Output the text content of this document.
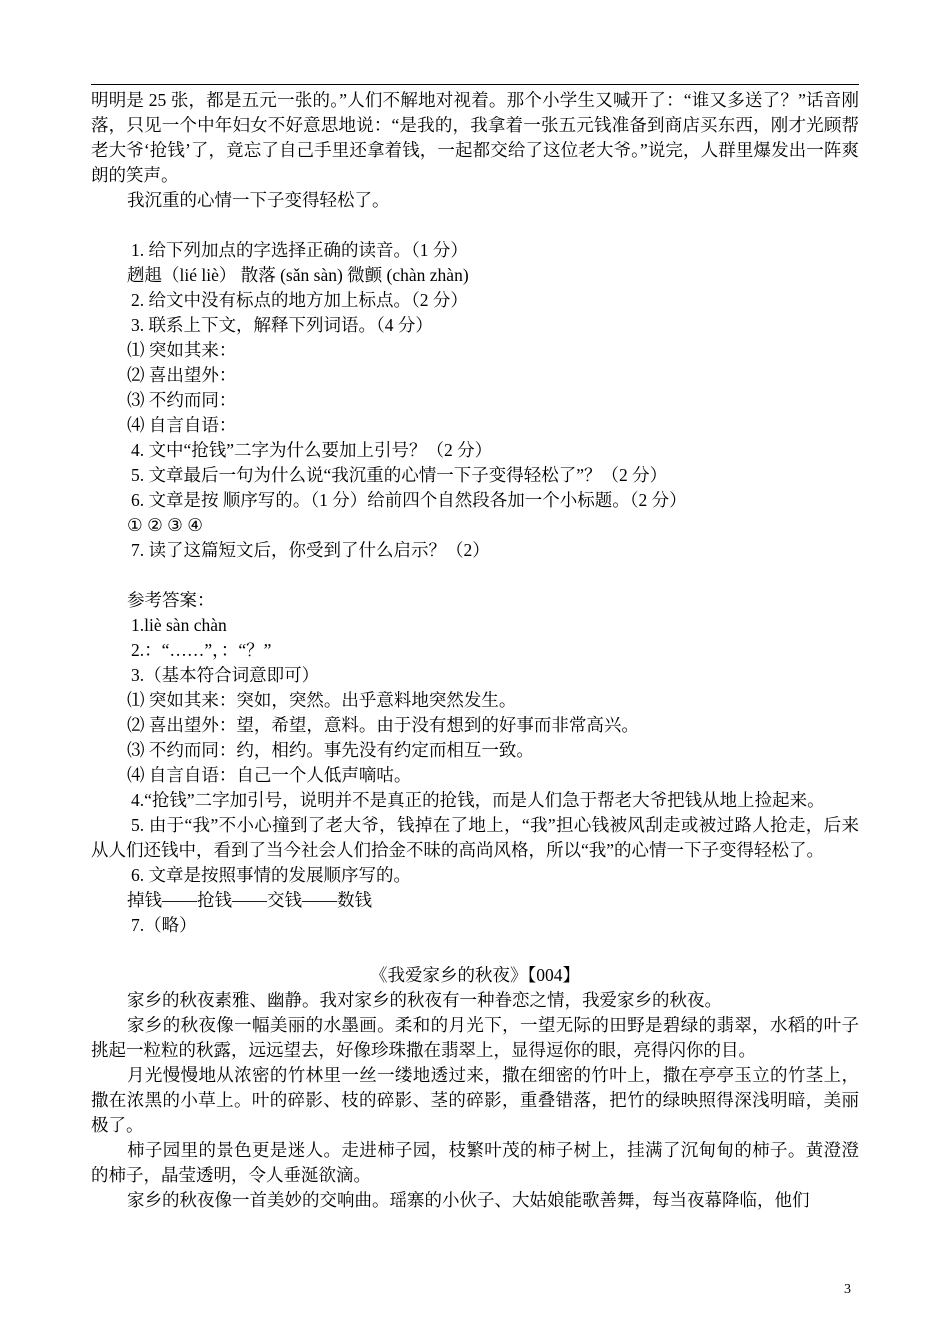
明明是 25 张，都是五元一张的。”人们不解地对视着。那个小学生又喊开了：“谁又多送了？”话音刚落，只见一个中年妇女不好意思地说：“是我的，我拿着一张五元钱准备到商店买东西，刚才光顾帮老大爷‘抢钱’了，竟忘了自己手里还拿着钱，一起都交给了这位老大爷。”说完，人群里爆发出一阵爽朗的笑声。

我沉重的心情一下子变得轻松了。

1. 给下列加点的字选择正确的读音。（1 分）

趔趄（lié liè） 散落 (sǎn sàn) 微颤 (chàn zhàn)

2. 给文中没有标点的地方加上标点。（2 分）

3. 联系上下文，解释下列词语。（4 分）

⑴ 突如其来：

⑵ 喜出望外：

⑶ 不约而同：

⑷ 自言自语：

4. 文中“抢钱”二字为什么要加上引号？（2 分）

5. 文章最后一句为什么说“我沉重的心情一下子变得轻松了”？（2 分）

6. 文章是按 顺序写的。（1 分）给前四个自然段各加一个小标题。（2 分）

① ② ③ ④

7. 读了这篇短文后，你受到了什么启示？（2）

参考答案：

1.liè sàn chàn

2.：“……”，：“？”

3.（基本符合词意即可）

⑴ 突如其来：突如，突然。出乎意料地突然发生。

⑵ 喜出望外：望，希望，意料。由于没有想到的好事而非常高兴。

⑶ 不约而同：约，相约。事先没有约定而相互一致。

⑷ 自言自语：自己一个人低声嘀咕。

4.“抢钱”二字加引号，说明并不是真正的抢钱，而是人们急于帮老大爷把钱从地上捡起来。

5. 由于“我”不小心撞到了老大爷，钱掉在了地上，“我”担心钱被风刮走或被过路人抢走，后来从人们还钱中，看到了当今社会人们拾金不昧的高尚风格，所以“我”的心情一下子变得轻松了。

6. 文章是按照事情的发展顺序写的。

掉钱——抢钱——交钱——数钱

7.（略）

《我爱家乡的秋夜》【004】

家乡的秋夜素雅、幽静。我对家乡的秋夜有一种眷恋之情，我爱家乡的秋夜。

家乡的秋夜像一幅美丽的水墨画。柔和的月光下，一望无际的田野是碧绿的翡翠，水稻的叶子挑起一粒粒的秋露，远远望去，好像珍珠撒在翡翠上，显得逗你的眼，亮得闪你的目。

月光慢慢地从浓密的竹林里一丝一缕地透过来，撒在细密的竹叶上，撒在亭亭玉立的竹茎上，撒在浓黑的小草上。叶的碎影、枝的碎影、茎的碎影，重叠错落，把竹的绿映照得深浅明暗，美丽极了。

柿子园里的景色更是迷人。走进柿子园，枝繁叶茂的柿子树上，挂满了沉甸甸的柿子。黄澄澄的柿子，晶莹透明，令人垂涎欲滴。

家乡的秋夜像一首美妙的交响曲。瑶寨的小伙子、大姑娘能歌善舞，每当夜幕降临，他们

3
